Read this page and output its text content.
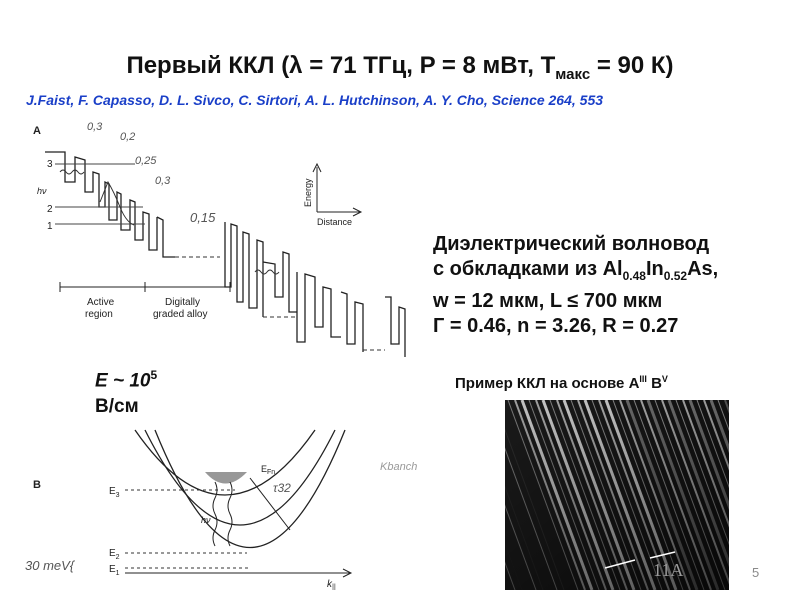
Первый ККЛ (λ = 71 ТГц, P = 8 мВт, $T_{макс} = 90$ К)
J.Faist, F. Capasso, D. L. Sivco, C. Sirtori, A. L. Hutchinson, A. Y. Cho, Science 264, 553
A
3
2
1
hν
0,3
0,15
0,2
0,25
0,3	Energy
Distance
Active
region
Digitally
graded alloy
E ~ $10^5$
В/см
B
$E_3$
$E_2$
$E_1$
$E_{Fn}$
hν
$k_{||}$
30 meV{
τ32
Kbanch
Диэлектрический волновод
с обкладками из $Al_{0.48}In_{0.52}As$,
w = 12 мкм, L ≤ 700 мкм
Г = 0.46, n = 3.26, R = 0.27
Пример ККЛ на основе $A^{III}$ $B^V$
11A	5
